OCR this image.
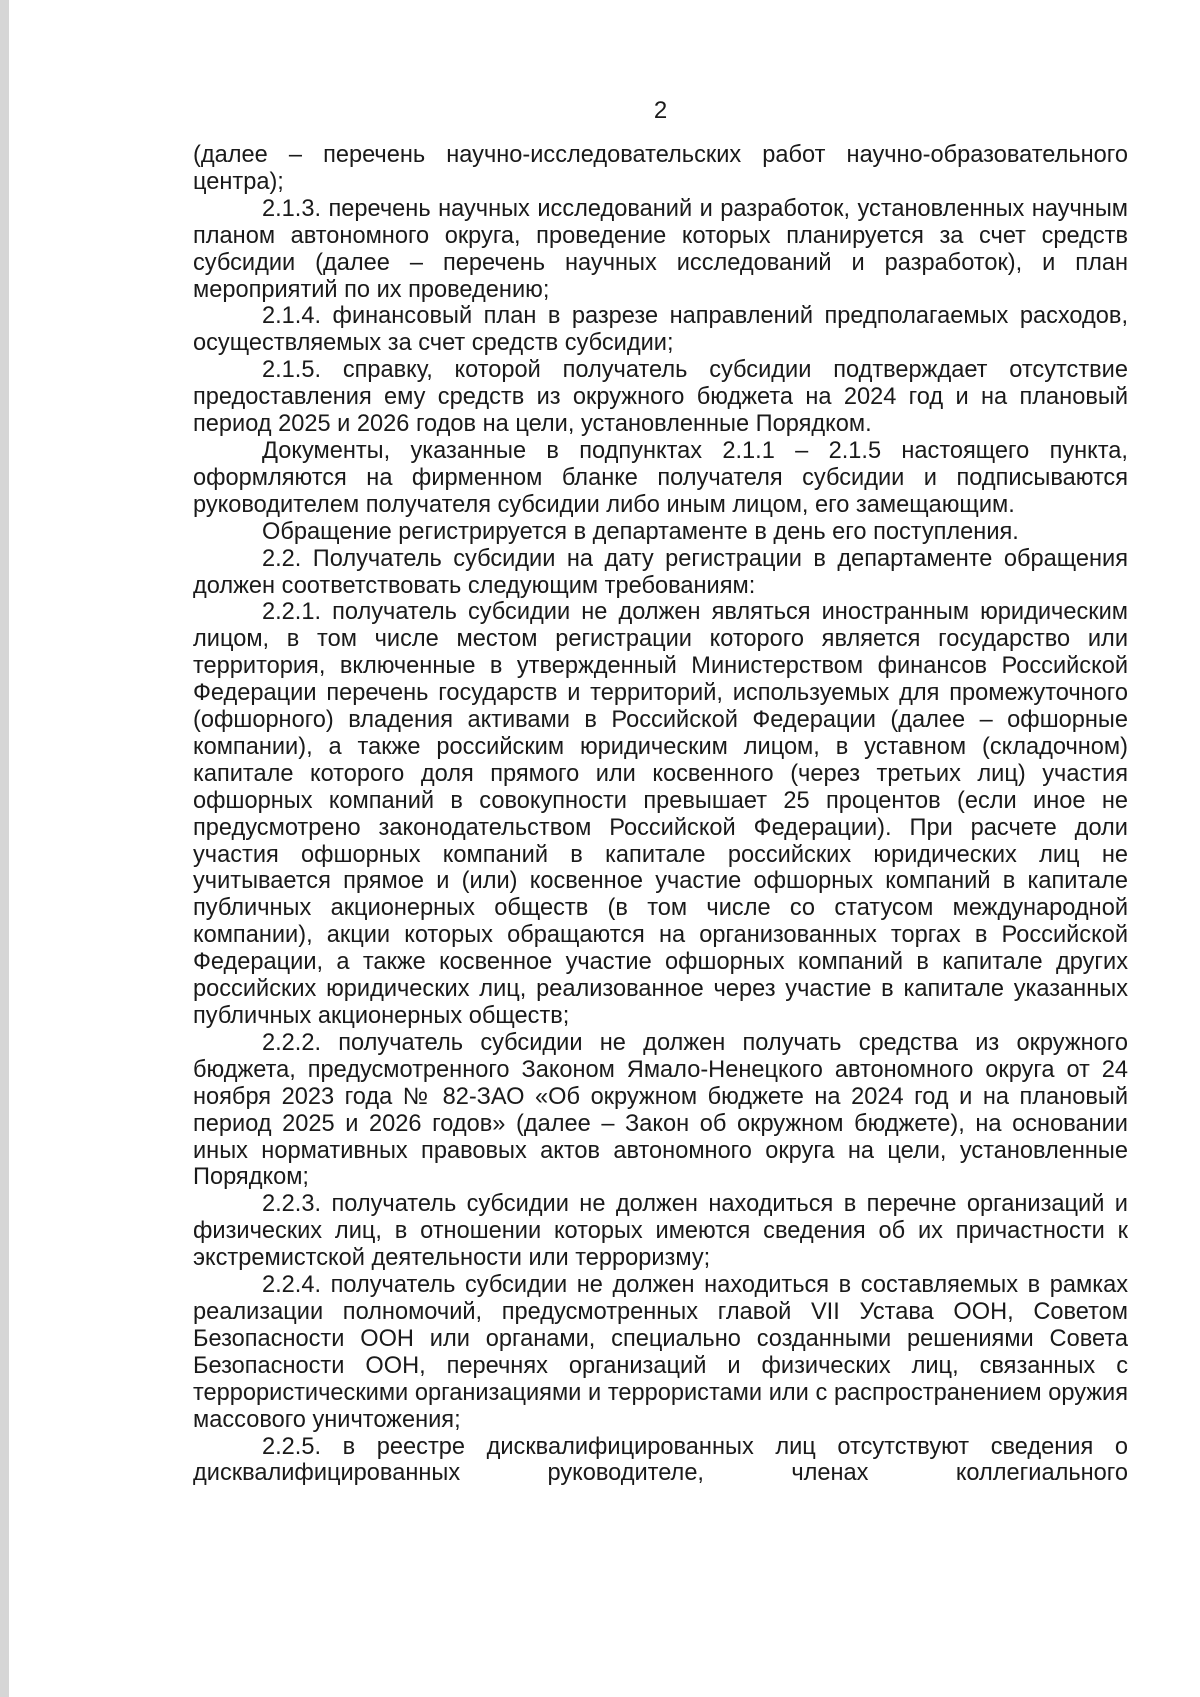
2

(далее – перечень научно-исследовательских работ научно-образовательного центра);

2.1.3. перечень научных исследований и разработок, установленных научным планом автономного округа, проведение которых планируется за счет средств субсидии (далее – перечень научных исследований и разработок), и план мероприятий по их проведению;

2.1.4. финансовый план в разрезе направлений предполагаемых расходов, осуществляемых за счет средств субсидии;

2.1.5. справку, которой получатель субсидии подтверждает отсутствие предоставления ему средств из окружного бюджета на 2024 год и на плановый период 2025 и 2026 годов на цели, установленные Порядком.

Документы, указанные в подпунктах 2.1.1 – 2.1.5 настоящего пункта, оформляются на фирменном бланке получателя субсидии и подписываются руководителем получателя субсидии либо иным лицом, его замещающим.

Обращение регистрируется в департаменте в день его поступления.

2.2. Получатель субсидии на дату регистрации в департаменте обращения должен соответствовать следующим требованиям:

2.2.1. получатель субсидии не должен являться иностранным юридическим лицом, в том числе местом регистрации которого является государство или территория, включенные в утвержденный Министерством финансов Российской Федерации перечень государств и территорий, используемых для промежуточного (офшорного) владения активами в Российской Федерации (далее – офшорные компании), а также российским юридическим лицом, в уставном (складочном) капитале которого доля прямого или косвенного (через третьих лиц) участия офшорных компаний в совокупности превышает 25 процентов (если иное не предусмотрено законодательством Российской Федерации). При расчете доли участия офшорных компаний в капитале российских юридических лиц не учитывается прямое и (или) косвенное участие офшорных компаний в капитале публичных акционерных обществ (в том числе со статусом международной компании), акции которых обращаются на организованных торгах в Российской Федерации, а также косвенное участие офшорных компаний в капитале других российских юридических лиц, реализованное через участие в капитале указанных публичных акционерных обществ;

2.2.2. получатель субсидии не должен получать средства из окружного бюджета, предусмотренного Законом Ямало-Ненецкого автономного округа от 24 ноября 2023 года № 82-ЗАО «Об окружном бюджете на 2024 год и на плановый период 2025 и 2026 годов» (далее – Закон об окружном бюджете), на основании иных нормативных правовых актов автономного округа на цели, установленные Порядком;

2.2.3. получатель субсидии не должен находиться в перечне организаций и физических лиц, в отношении которых имеются сведения об их причастности к экстремистской деятельности или терроризму;

2.2.4. получатель субсидии не должен находиться в составляемых в рамках реализации полномочий, предусмотренных главой VII Устава ООН, Советом Безопасности ООН или органами, специально созданными решениями Совета Безопасности ООН, перечнях организаций и физических лиц, связанных с террористическими организациями и террористами или с распространением оружия массового уничтожения;

2.2.5. в реестре дисквалифицированных лиц отсутствуют сведения о дисквалифицированных руководителе, членах коллегиального
